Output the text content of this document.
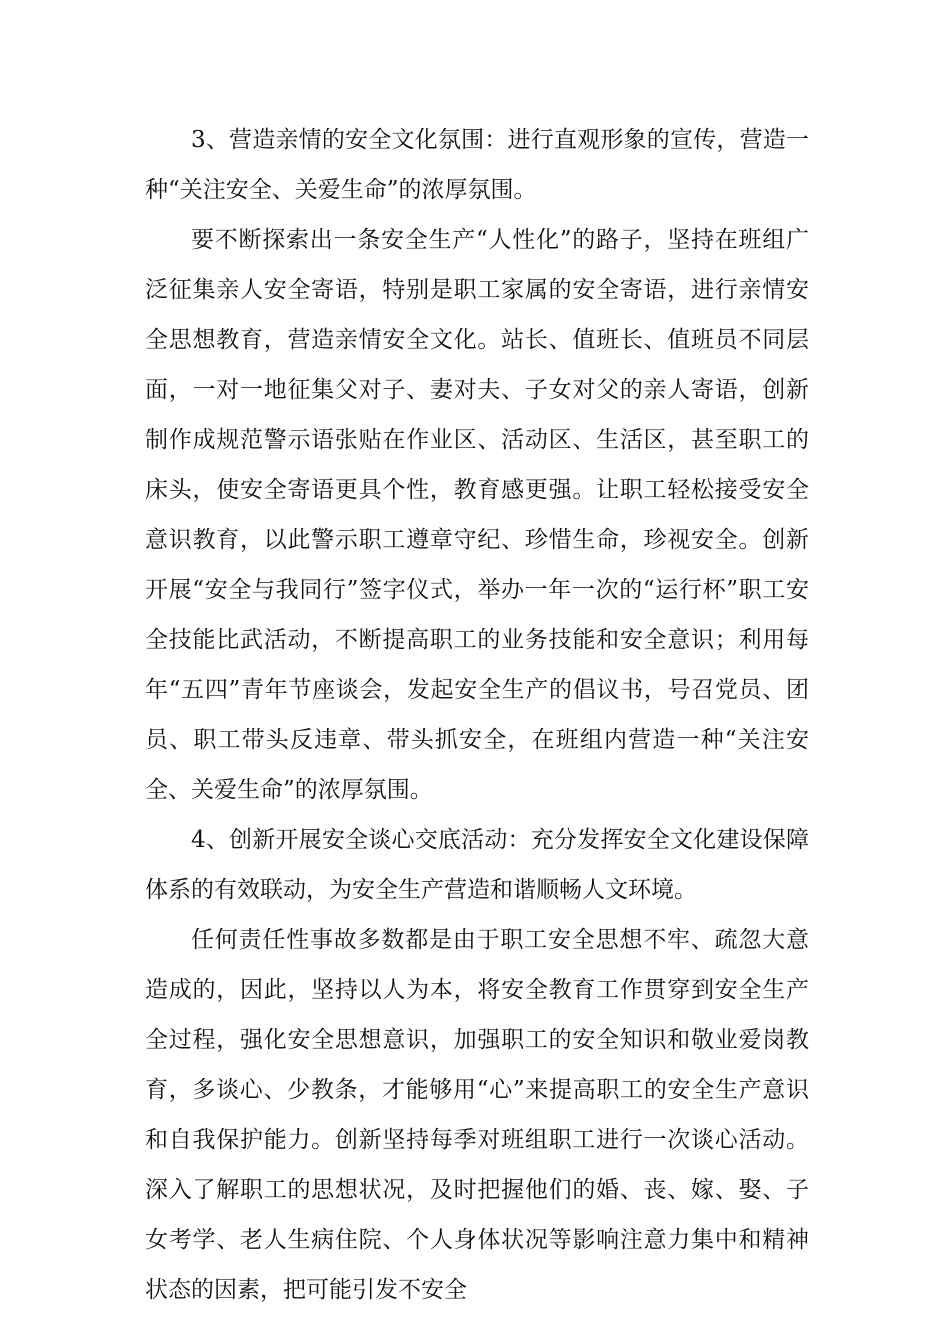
3、营造亲情的安全文化氛围：进行直观形象的宣传，营造一种“关注安全、关爱生命”的浓厚氛围。

要不断探索出一条安全生产“人性化”的路子，坚持在班组广泛征集亲人安全寄语，特别是职工家属的安全寄语，进行亲情安全思想教育，营造亲情安全文化。站长、值班长、值班员不同层面，一对一地征集父对子、妻对夫、子女对父的亲人寄语，创新制作成规范警示语张贴在作业区、活动区、生活区，甚至职工的床头，使安全寄语更具个性，教育感更强。让职工轻松接受安全意识教育，以此警示职工遵章守纪、珍惜生命，珍视安全。创新开展“安全与我同行”签字仪式，举办一年一次的“运行杯”职工安全技能比武活动，不断提高职工的业务技能和安全意识；利用每年“五四”青年节座谈会，发起安全生产的倡议书，号召党员、团员、职工带头反违章、带头抓安全，在班组内营造一种“关注安全、关爱生命”的浓厚氛围。

4、创新开展安全谈心交底活动：充分发挥安全文化建设保障体系的有效联动，为安全生产营造和谐顺畅人文环境。

任何责任性事故多数都是由于职工安全思想不牢、疏忽大意造成的，因此，坚持以人为本，将安全教育工作贯穿到安全生产全过程，强化安全思想意识，加强职工的安全知识和敬业爱岗教育，多谈心、少教条，才能够用“心”来提高职工的安全生产意识和自我保护能力。创新坚持每季对班组职工进行一次谈心活动。深入了解职工的思想状况，及时把握他们的婚、丧、嫁、娶、子女考学、老人生病住院、个人身体状况等影响注意力集中和精神状态的因素，把可能引发不安全
